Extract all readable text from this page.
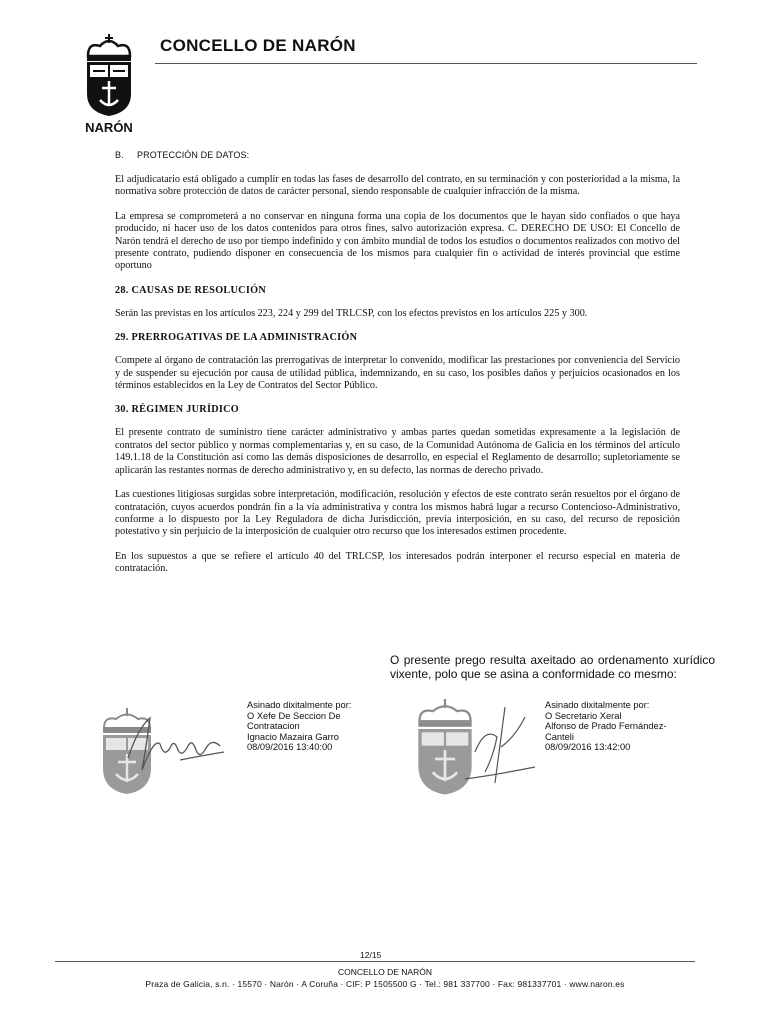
NARÓN
CONCELLO DE NARÓN
B. PROTECCIÓN DE DATOS:

El adjudicatario está obligado a cumplir en todas las fases de desarrollo del contrato, en su terminación y con posterioridad a la misma, la normativa sobre protección de datos de carácter personal, siendo responsable de cualquier infracción de la misma.

La empresa se comprometerá a no conservar en ninguna forma una copia de los documentos que le hayan sido confiados o que haya producido, ni hacer uso de los datos contenidos para otros fines, salvo autorización expresa. C. DERECHO DE USO: El Concello de Narón tendrá el derecho de uso por tiempo indefinido y con ámbito mundial de todos los estudios o documentos realizados con motivo del presente contrato, pudiendo disponer en consecuencia de los mismos para cualquier fin o actividad de interés provincial que estime oportuno

28. CAUSAS DE RESOLUCIÓN

Serán las previstas en los artículos 223, 224 y 299 del TRLCSP, con los efectos previstos en los artículos 225 y 300.

29. PRERROGATIVAS DE LA ADMINISTRACIÓN

Compete al órgano de contratación las prerrogativas de interpretar lo convenido, modificar las prestaciones por conveniencia del Servicio y de suspender su ejecución por causa de utilidad pública, indemnizando, en su caso, los posibles daños y perjuicios ocasionados en los términos establecidos en la Ley de Contratos del Sector Público.

30. RÉGIMEN JURÍDICO

El presente contrato de suministro tiene carácter administrativo y ambas partes quedan sometidas expresamente a la legislación de contratos del sector público y normas complementarias y, en su caso, de la Comunidad Autónoma de Galicia en los términos del artículo 149.1.18 de la Constitución así como las demás disposiciones de desarrollo, en especial el Reglamento de desarrollo; supletoriamente se aplicarán las restantes normas de derecho administrativo y, en su defecto, las normas de derecho privado.

Las cuestiones litigiosas surgidas sobre interpretación, modificación, resolución y efectos de este contrato serán resueltos por el órgano de contratación, cuyos acuerdos pondrán fin a la vía administrativa y contra los mismos habrá lugar a recurso Contencioso-Administrativo, conforme a lo dispuesto por la Ley Reguladora de dicha Jurisdicción, previa interposición, en su caso, del recurso de reposición potestativo y sin perjuicio de la interposición de cualquier otro recurso que los interesados estimen procedente.

En los supuestos a que se refiere el artículo 40 del TRLCSP, los interesados podrán interponer el recurso especial en materia de contratación.

O presente prego resulta axeitado ao ordenamento xurídico vixente, polo que se asina a conformidade co mesmo:
Asinado dixitalmente por:
O Xefe De Seccion De
Contratacion
Ignacio Mazaira Garro
08/09/2016 13:40:00
Asinado dixitalmente por:
O Secretario Xeral
Alfonso de Prado Fernández-
Canteli
08/09/2016 13:42:00
12/15
CONCELLO DE NARÓN
Praza de Galicia, s.n. · 15570 · Narón · A Coruña · CIF: P 1505500 G · Tel.: 981 337700 · Fax: 981337701 · www.naron.es
